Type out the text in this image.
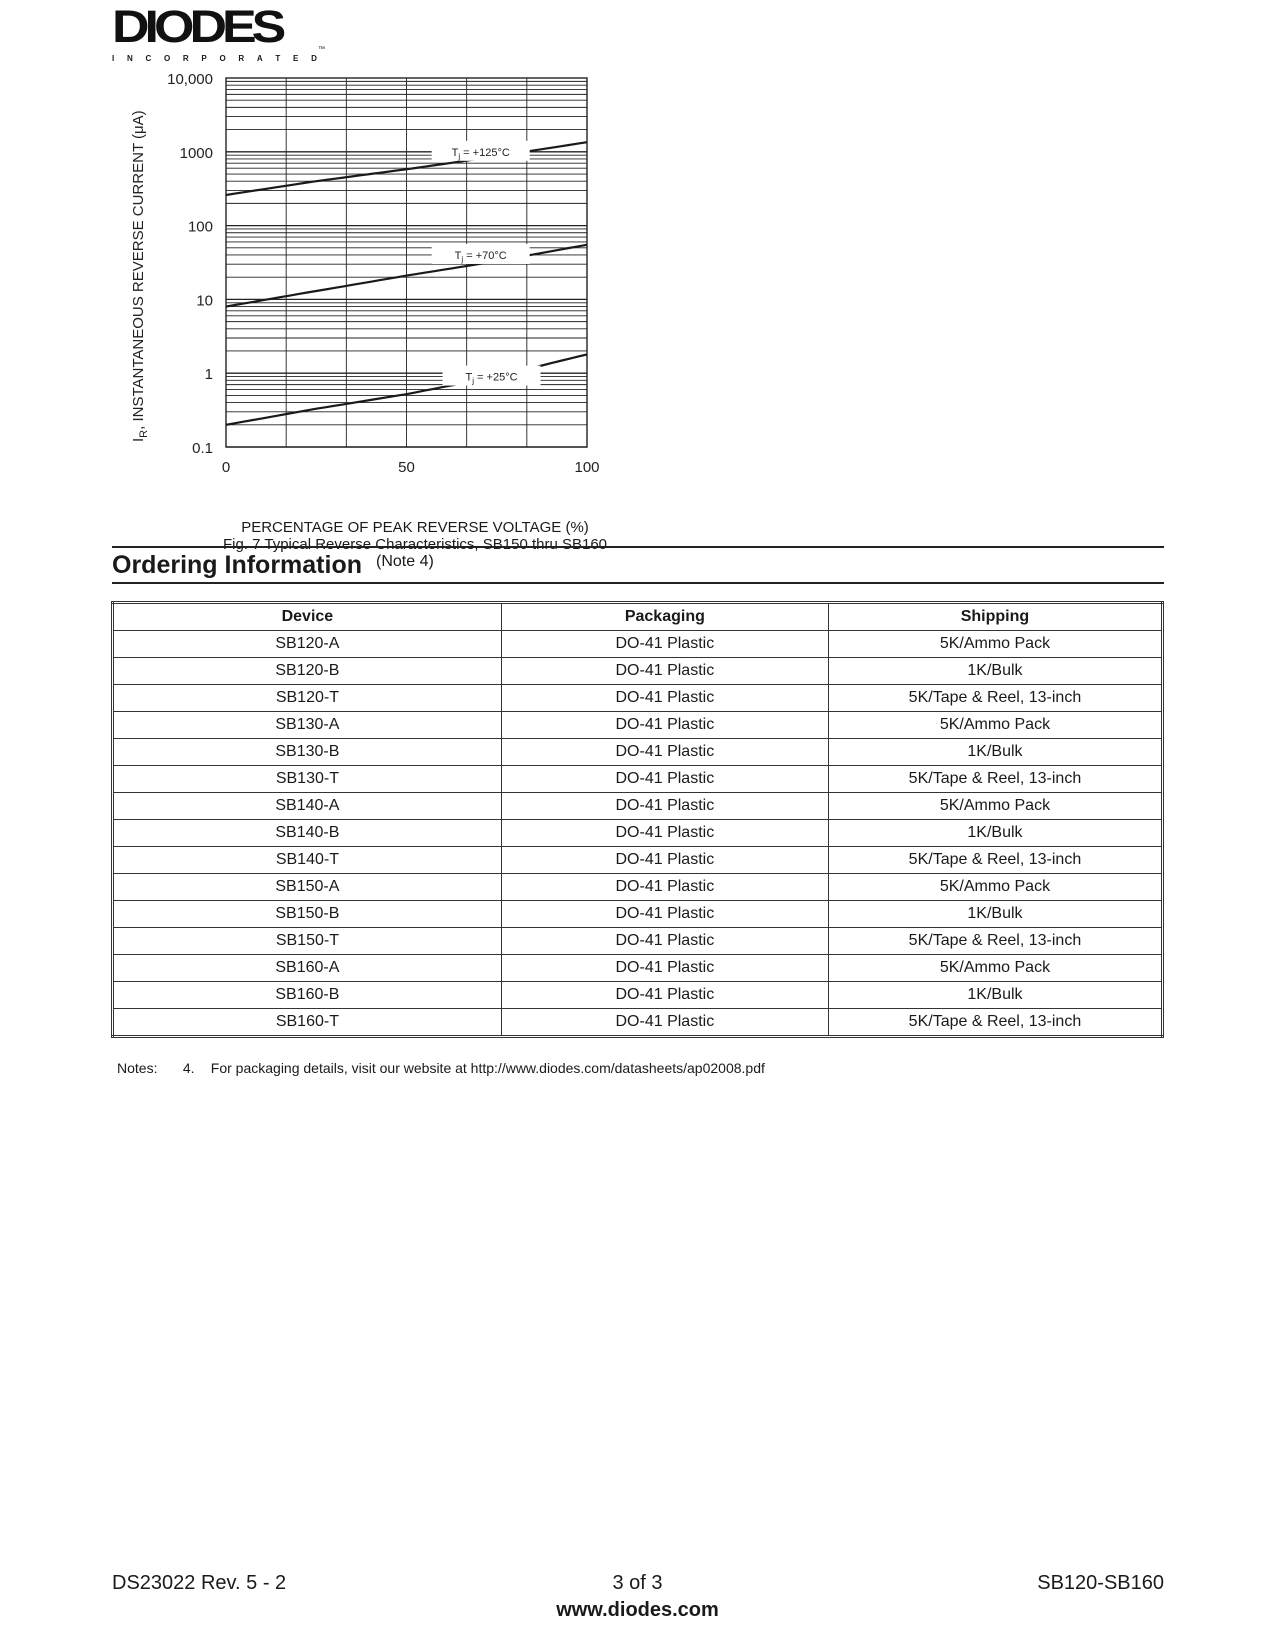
DIODES	™
I N C O R P O R A T E D
10,000
1000
100
10
1
0.1
0	50	100
$I_R$, INSTANTANEOUS REVERSE CURRENT (μA)	$T_j = +125^\circ C$
$T_j = +70^\circ C$
$T_j = +25^\circ C$
PERCENTAGE OF PEAK REVERSE VOLTAGE (%)
Fig. 7 Typical Reverse Characteristics, SB150 thru SB160
Ordering Information (Note 4)
Device	Packaging	Shipping
SB120-A	DO-41 Plastic	5K/Ammo Pack
SB120-B	DO-41 Plastic	1K/Bulk
SB120-T	DO-41 Plastic	5K/Tape & Reel, 13-inch
SB130-A	DO-41 Plastic	5K/Ammo Pack
SB130-B	DO-41 Plastic	1K/Bulk
SB130-T	DO-41 Plastic	5K/Tape & Reel, 13-inch
SB140-A	DO-41 Plastic	5K/Ammo Pack
SB140-B	DO-41 Plastic	1K/Bulk
SB140-T	DO-41 Plastic	5K/Tape & Reel, 13-inch
SB150-A	DO-41 Plastic	5K/Ammo Pack
SB150-B	DO-41 Plastic	1K/Bulk
SB150-T	DO-41 Plastic	5K/Tape & Reel, 13-inch
SB160-A	DO-41 Plastic	5K/Ammo Pack
SB160-B	DO-41 Plastic	1K/Bulk
SB160-T	DO-41 Plastic	5K/Tape & Reel, 13-inch
Notes: 4. For packaging details, visit our website at http://www.diodes.com/datasheets/ap02008.pdf
DS23022 Rev. 5 - 2	3 of 3	SB120-SB160
www.diodes.com
